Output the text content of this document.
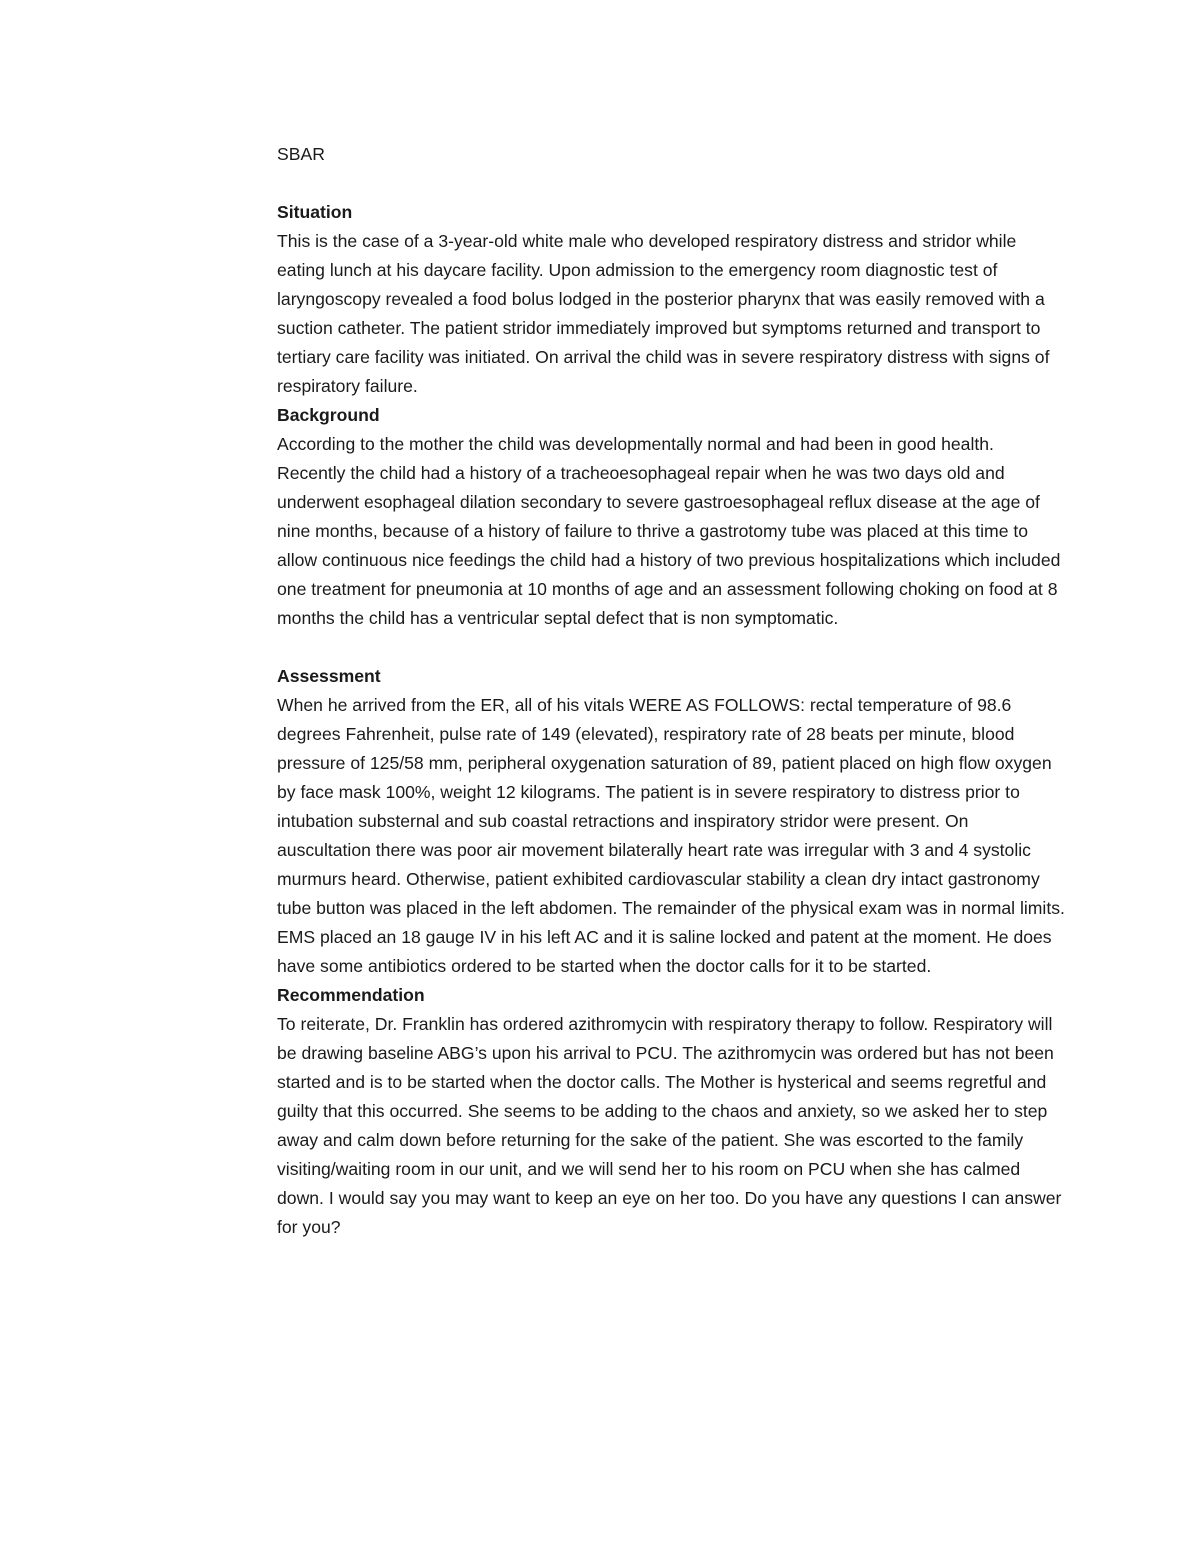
SBAR

Situation

This is the case of a 3-year-old white male who developed respiratory distress and stridor while eating lunch at his daycare facility. Upon admission to the emergency room diagnostic test of laryngoscopy revealed a food bolus lodged in the posterior pharynx that was easily removed with a suction catheter. The patient stridor immediately improved but symptoms returned and transport to tertiary care facility was initiated. On arrival the child was in severe respiratory distress with signs of respiratory failure.

Background

According to the mother the child was developmentally normal and had been in good health. Recently the child had a history of a tracheoesophageal repair when he was two days old and underwent esophageal dilation secondary to severe gastroesophageal reflux disease at the age of nine months, because of a history of failure to thrive a gastrotomy tube was placed at this time to allow continuous nice feedings the child had a history of two previous hospitalizations which included one treatment for pneumonia at 10 months of age and an assessment following choking on food at 8 months the child has a ventricular septal defect that is non symptomatic.

Assessment

When he arrived from the ER, all of his vitals WERE AS FOLLOWS: rectal temperature of 98.6 degrees Fahrenheit, pulse rate of 149 (elevated), respiratory rate of 28 beats per minute, blood pressure of 125/58 mm, peripheral oxygenation saturation of 89, patient placed on high flow oxygen by face mask 100%, weight 12 kilograms. The patient is in severe respiratory to distress prior to intubation substernal and sub coastal retractions and inspiratory stridor were present. On auscultation there was poor air movement bilaterally heart rate was irregular with 3 and 4 systolic murmurs heard. Otherwise, patient exhibited cardiovascular stability a clean dry intact gastronomy tube button was placed in the left abdomen. The remainder of the physical exam was in normal limits. EMS placed an 18 gauge IV in his left AC and it is saline locked and patent at the moment. He does have some antibiotics ordered to be started when the doctor calls for it to be started.

Recommendation

To reiterate, Dr. Franklin has ordered azithromycin with respiratory therapy to follow. Respiratory will be drawing baseline ABG’s upon his arrival to PCU. The azithromycin was ordered but has not been started and is to be started when the doctor calls. The Mother is hysterical and seems regretful and guilty that this occurred. She seems to be adding to the chaos and anxiety, so we asked her to step away and calm down before returning for the sake of the patient. She was escorted to the family visiting/waiting room in our unit, and we will send her to his room on PCU when she has calmed down. I would say you may want to keep an eye on her too. Do you have any questions I can answer for you?
